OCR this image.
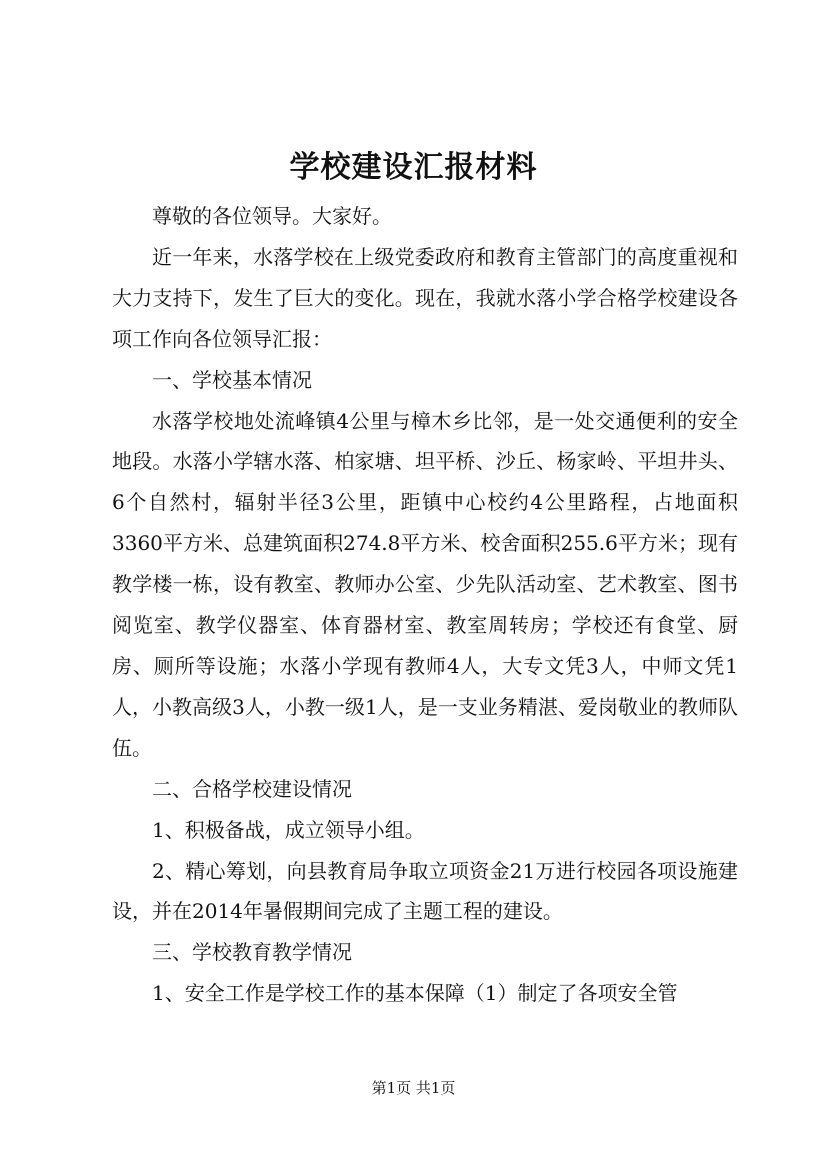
学校建设汇报材料

尊敬的各位领导。大家好。

近一年来，水落学校在上级党委政府和教育主管部门的高度重视和大力支持下，发生了巨大的变化。现在，我就水落小学合格学校建设各项工作向各位领导汇报：

一、学校基本情况

水落学校地处流峰镇4公里与樟木乡比邻，是一处交通便利的安全地段。水落小学辖水落、柏家塘、坦平桥、沙丘、杨家岭、平坦井头、6个自然村，辐射半径3公里，距镇中心校约4公里路程，占地面积3360平方米、总建筑面积274.8平方米、校舍面积255.6平方米；现有教学楼一栋，设有教室、教师办公室、少先队活动室、艺术教室、图书阅览室、教学仪器室、体育器材室、教室周转房；学校还有食堂、厨房、厕所等设施；水落小学现有教师4人，大专文凭3人，中师文凭1人，小教高级3人，小教一级1人，是一支业务精湛、爱岗敬业的教师队伍。

二、合格学校建设情况

1、积极备战，成立领导小组。

2、精心筹划，向县教育局争取立项资金21万进行校园各项设施建设，并在2014年暑假期间完成了主题工程的建设。

三、学校教育教学情况

1、安全工作是学校工作的基本保障（1）制定了各项安全管

第1页 共1页
